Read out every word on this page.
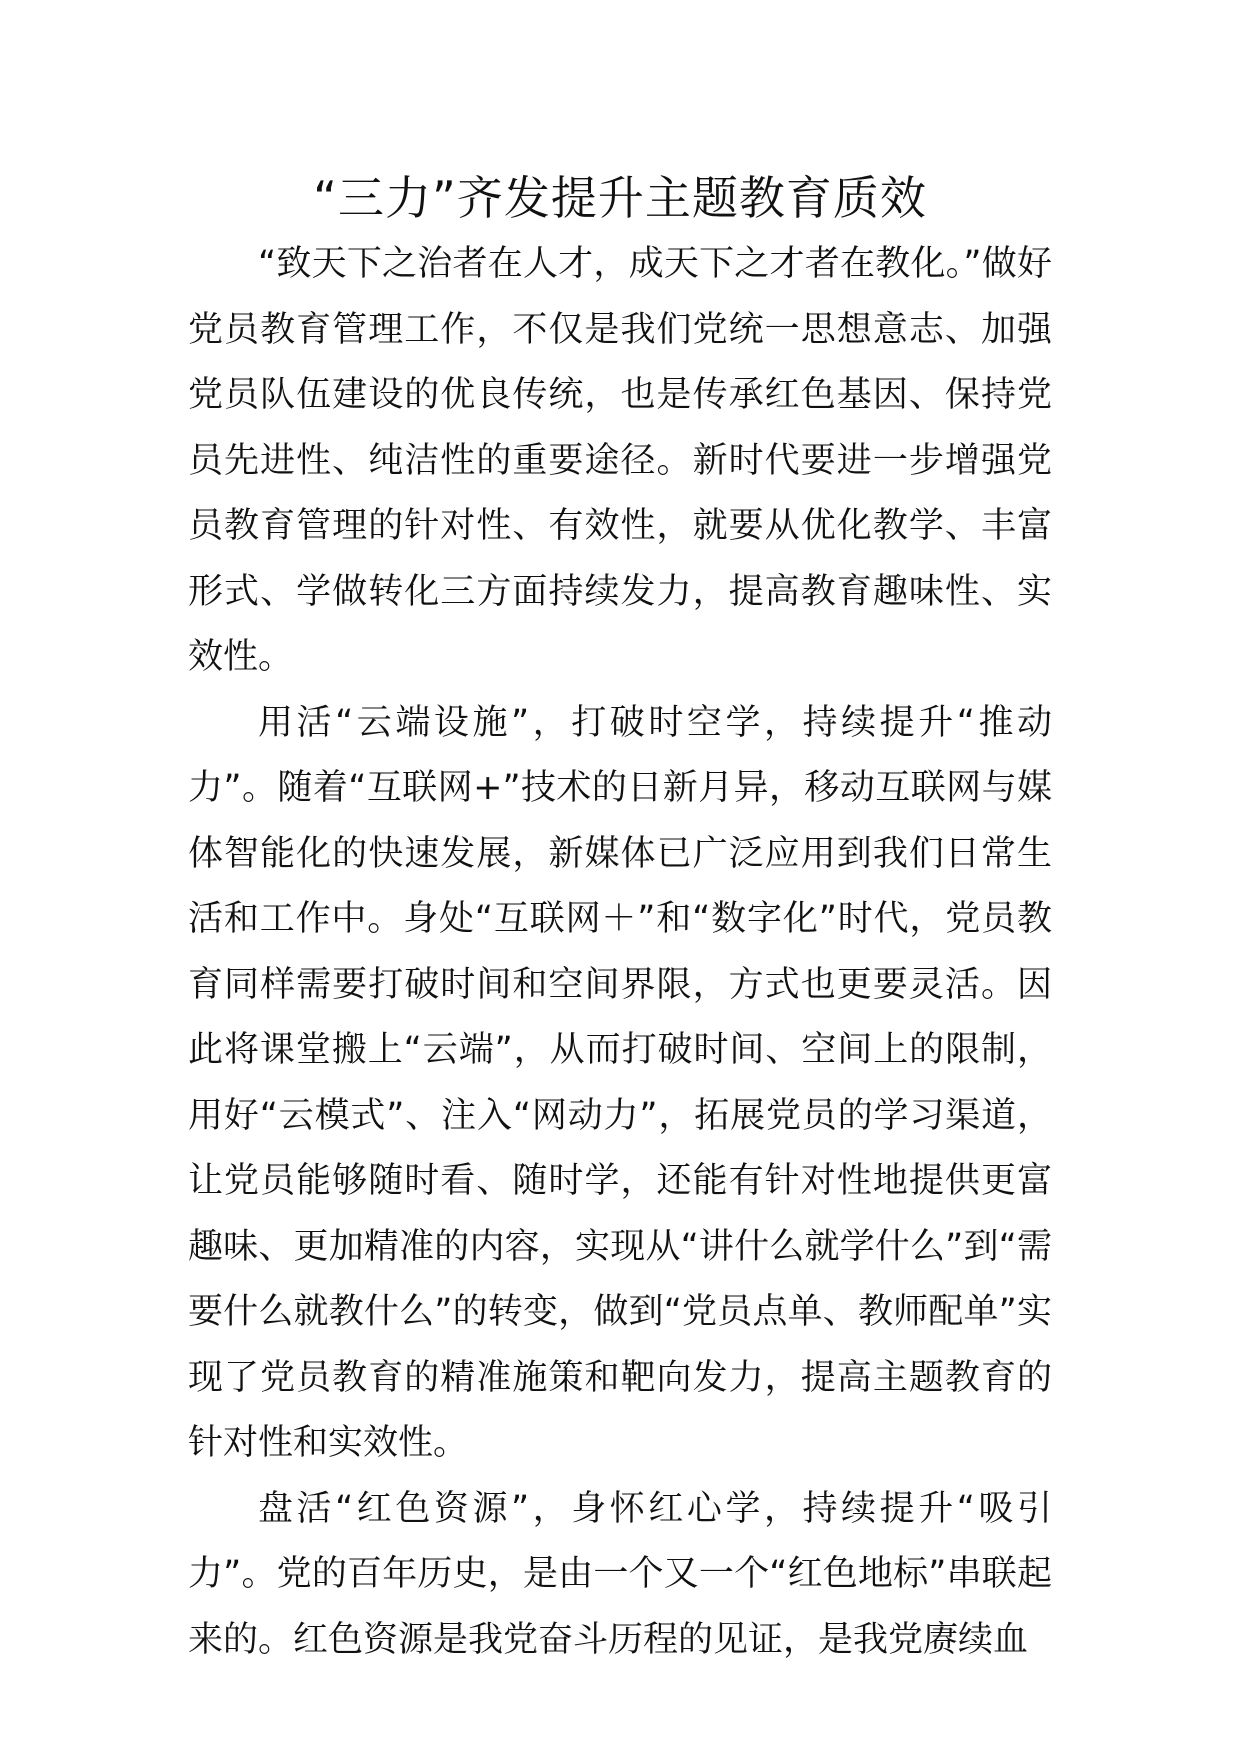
“三力”齐发提升主题教育质效

“致天下之治者在人才，成天下之才者在教化。”做好党员教育管理工作，不仅是我们党统一思想意志、加强党员队伍建设的优良传统，也是传承红色基因、保持党员先进性、纯洁性的重要途径。新时代要进一步增强党员教育管理的针对性、有效性，就要从优化教学、丰富形式、学做转化三方面持续发力，提高教育趣味性、实效性。

用活“云端设施”，打破时空学，持续提升“推动力”。随着“互联网+”技术的日新月异，移动互联网与媒体智能化的快速发展，新媒体已广泛应用到我们日常生活和工作中。身处“互联网＋”和“数字化”时代，党员教育同样需要打破时间和空间界限，方式也更要灵活。因此将课堂搬上“云端”，从而打破时间、空间上的限制，用好“云模式”、注入“网动力”，拓展党员的学习渠道，让党员能够随时看、随时学，还能有针对性地提供更富趣味、更加精准的内容，实现从“讲什么就学什么”到“需要什么就教什么”的转变，做到“党员点单、教师配单”实现了党员教育的精准施策和靶向发力，提高主题教育的针对性和实效性。

盘活“红色资源”，身怀红心学，持续提升“吸引力”。党的百年历史，是由一个又一个“红色地标”串联起来的。红色资源是我党奋斗历程的见证，是我党赓续血
